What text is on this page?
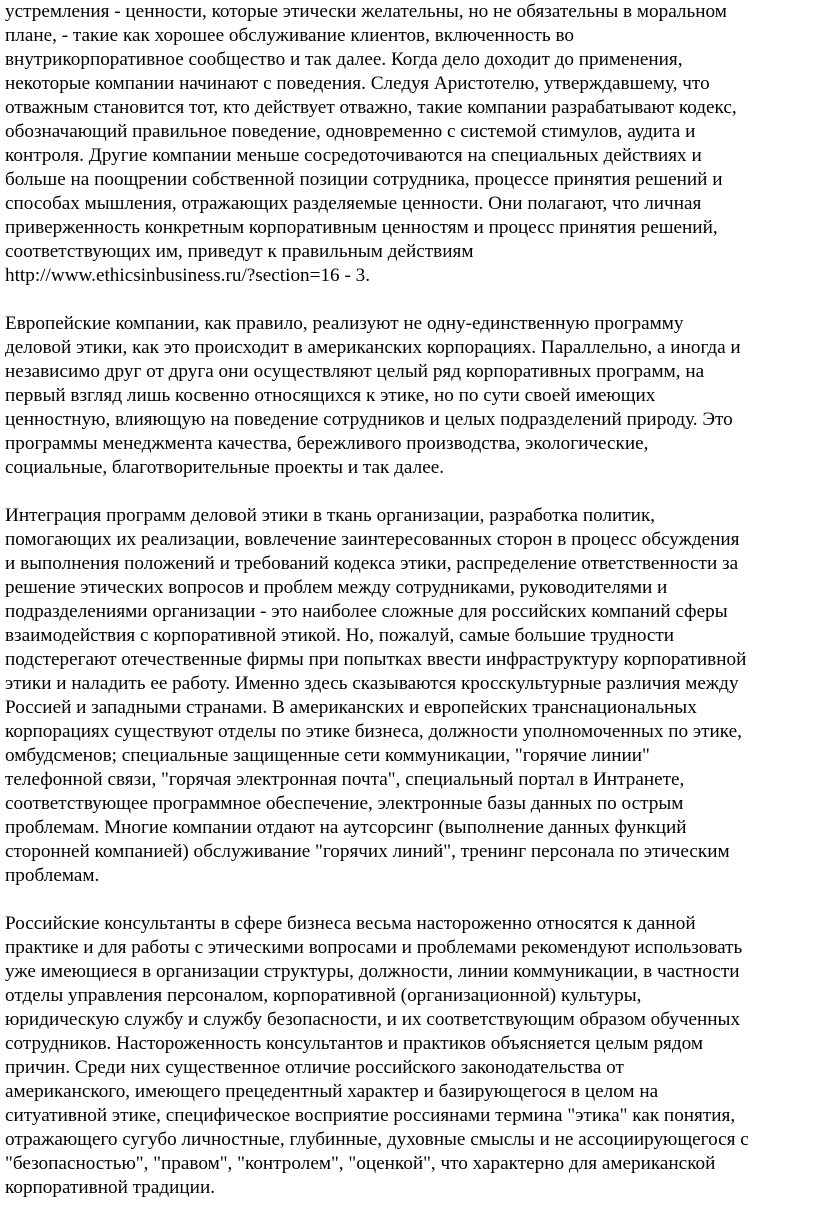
устремления - ценности, которые этически желательны, но не обязательны в моральном
плане, - такие как хорошее обслуживание клиентов, включенность во
внутрикорпоративное сообщество и так далее. Когда дело доходит до применения,
некоторые компании начинают с поведения. Следуя Аристотелю, утверждавшему, что
отважным становится тот, кто действует отважно, такие компании разрабатывают кодекс,
обозначающий правильное поведение, одновременно с системой стимулов, аудита и
контроля. Другие компании меньше сосредоточиваются на специальных действиях и
больше на поощрении собственной позиции сотрудника, процессе принятия решений и
способах мышления, отражающих разделяемые ценности. Они полагают, что личная
приверженность конкретным корпоративным ценностям и процесс принятия решений,
соответствующих им, приведут к правильным действиям
http://www.ethicsinbusiness.ru/?section=16 - 3.
Европейские компании, как правило, реализуют не одну-единственную программу
деловой этики, как это происходит в американских корпорациях. Параллельно, а иногда и
независимо друг от друга они осуществляют целый ряд корпоративных программ, на
первый взгляд лишь косвенно относящихся к этике, но по сути своей имеющих
ценностную, влияющую на поведение сотрудников и целых подразделений природу. Это
программы менеджмента качества, бережливого производства, экологические,
социальные, благотворительные проекты и так далее.
Интеграция программ деловой этики в ткань организации, разработка политик,
помогающих их реализации, вовлечение заинтересованных сторон в процесс обсуждения
и выполнения положений и требований кодекса этики, распределение ответственности за
решение этических вопросов и проблем между сотрудниками, руководителями и
подразделениями организации - это наиболее сложные для российских компаний сферы
взаимодействия с корпоративной этикой. Но, пожалуй, самые большие трудности
подстерегают отечественные фирмы при попытках ввести инфраструктуру корпоративной
этики и наладить ее работу. Именно здесь сказываются кросскультурные различия между
Россией и западными странами. В американских и европейских транснациональных
корпорациях существуют отделы по этике бизнеса, должности уполномоченных по этике,
омбудсменов; специальные защищенные сети коммуникации, "горячие линии"
телефонной связи, "горячая электронная почта", специальный портал в Интранете,
соответствующее программное обеспечение, электронные базы данных по острым
проблемам. Многие компании отдают на аутсорсинг (выполнение данных функций
сторонней компанией) обслуживание "горячих линий", тренинг персонала по этическим
проблемам.
Российские консультанты в сфере бизнеса весьма настороженно относятся к данной
практике и для работы с этическими вопросами и проблемами рекомендуют использовать
уже имеющиеся в организации структуры, должности, линии коммуникации, в частности
отделы управления персоналом, корпоративной (организационной) культуры,
юридическую службу и службу безопасности, и их соответствующим образом обученных
сотрудников. Настороженность консультантов и практиков объясняется целым рядом
причин. Среди них существенное отличие российского законодательства от
американского, имеющего прецедентный характер и базирующегося в целом на
ситуативной этике, специфическое восприятие россиянами термина "этика" как понятия,
отражающего сугубо личностные, глубинные, духовные смыслы и не ассоциирующегося с
"безопасностью", "правом", "контролем", "оценкой", что характерно для американской
корпоративной традиции.
